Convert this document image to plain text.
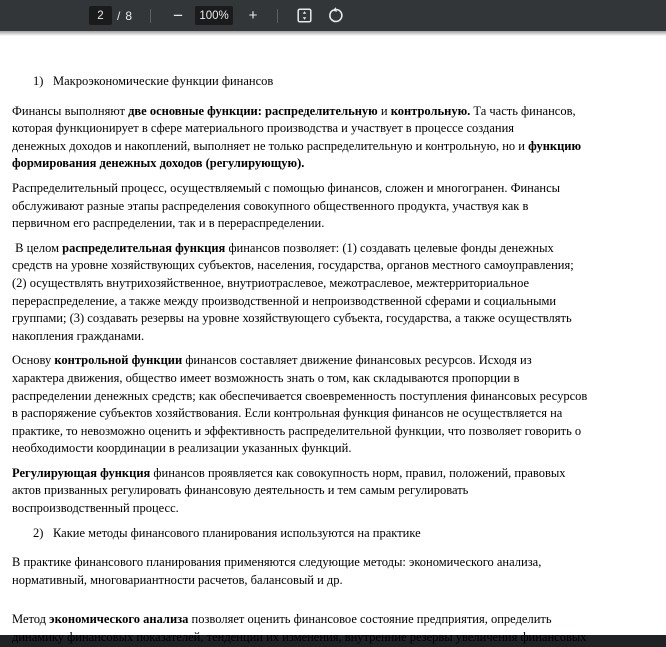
2	/ 8 −	100% +
1) Макроэкономические функции финансов
Финансы выполняют две основные функции: распределительную и контрольную. Та часть финансов,
которая функционирует в сфере материального производства и участвует в процессе создания
денежных доходов и накоплений, выполняет не только распределительную и контрольную, но и функцию
формирования денежных доходов (регулирующую).
Распределительный процесс, осуществляемый с помощью финансов, сложен и многогранен. Финансы
обслуживают разные этапы распределения совокупного общественного продукта, участвуя как в
первичном его распределении, так и в перераспределении.
В целом распределительная функция финансов позволяет: (1) создавать целевые фонды денежных
средств на уровне хозяйствующих субъектов, населения, государства, органов местного самоуправления;
(2) осуществлять внутрихозяйственное, внутриотраслевое, межотраслевое, межтерриториальное
перераспределение, а также между производственной и непроизводственной сферами и социальными
группами; (3) создавать резервы на уровне хозяйствующего субъекта, государства, а также осуществлять
накопления гражданами.
Основу контрольной функции финансов составляет движение финансовых ресурсов. Исходя из
характера движения, общество имеет возможность знать о том, как складываются пропорции в
распределении денежных средств; как обеспечивается своевременность поступления финансовых ресурсов
в распоряжение субъектов хозяйствования. Если контрольная функция финансов не осуществляется на
практике, то невозможно оценить и эффективность распределительной функции, что позволяет говорить о
необходимости координации в реализации указанных функций.
Регулирующая функция финансов проявляется как совокупность норм, правил, положений, правовых
актов призванных регулировать финансовую деятельность и тем самым регулировать
воспроизводственный процесс.
2) Какие методы финансового планирования используются на практике
В практике финансового планирования применяются следующие методы: экономического анализа,
нормативный, многовариантности расчетов, балансовый и др.
Метод экономического анализа позволяет оценить финансовое состояние предприятия, определить
динамику финансовых показателей, тенденции их изменения, внутренние резервы увеличения финансовых
